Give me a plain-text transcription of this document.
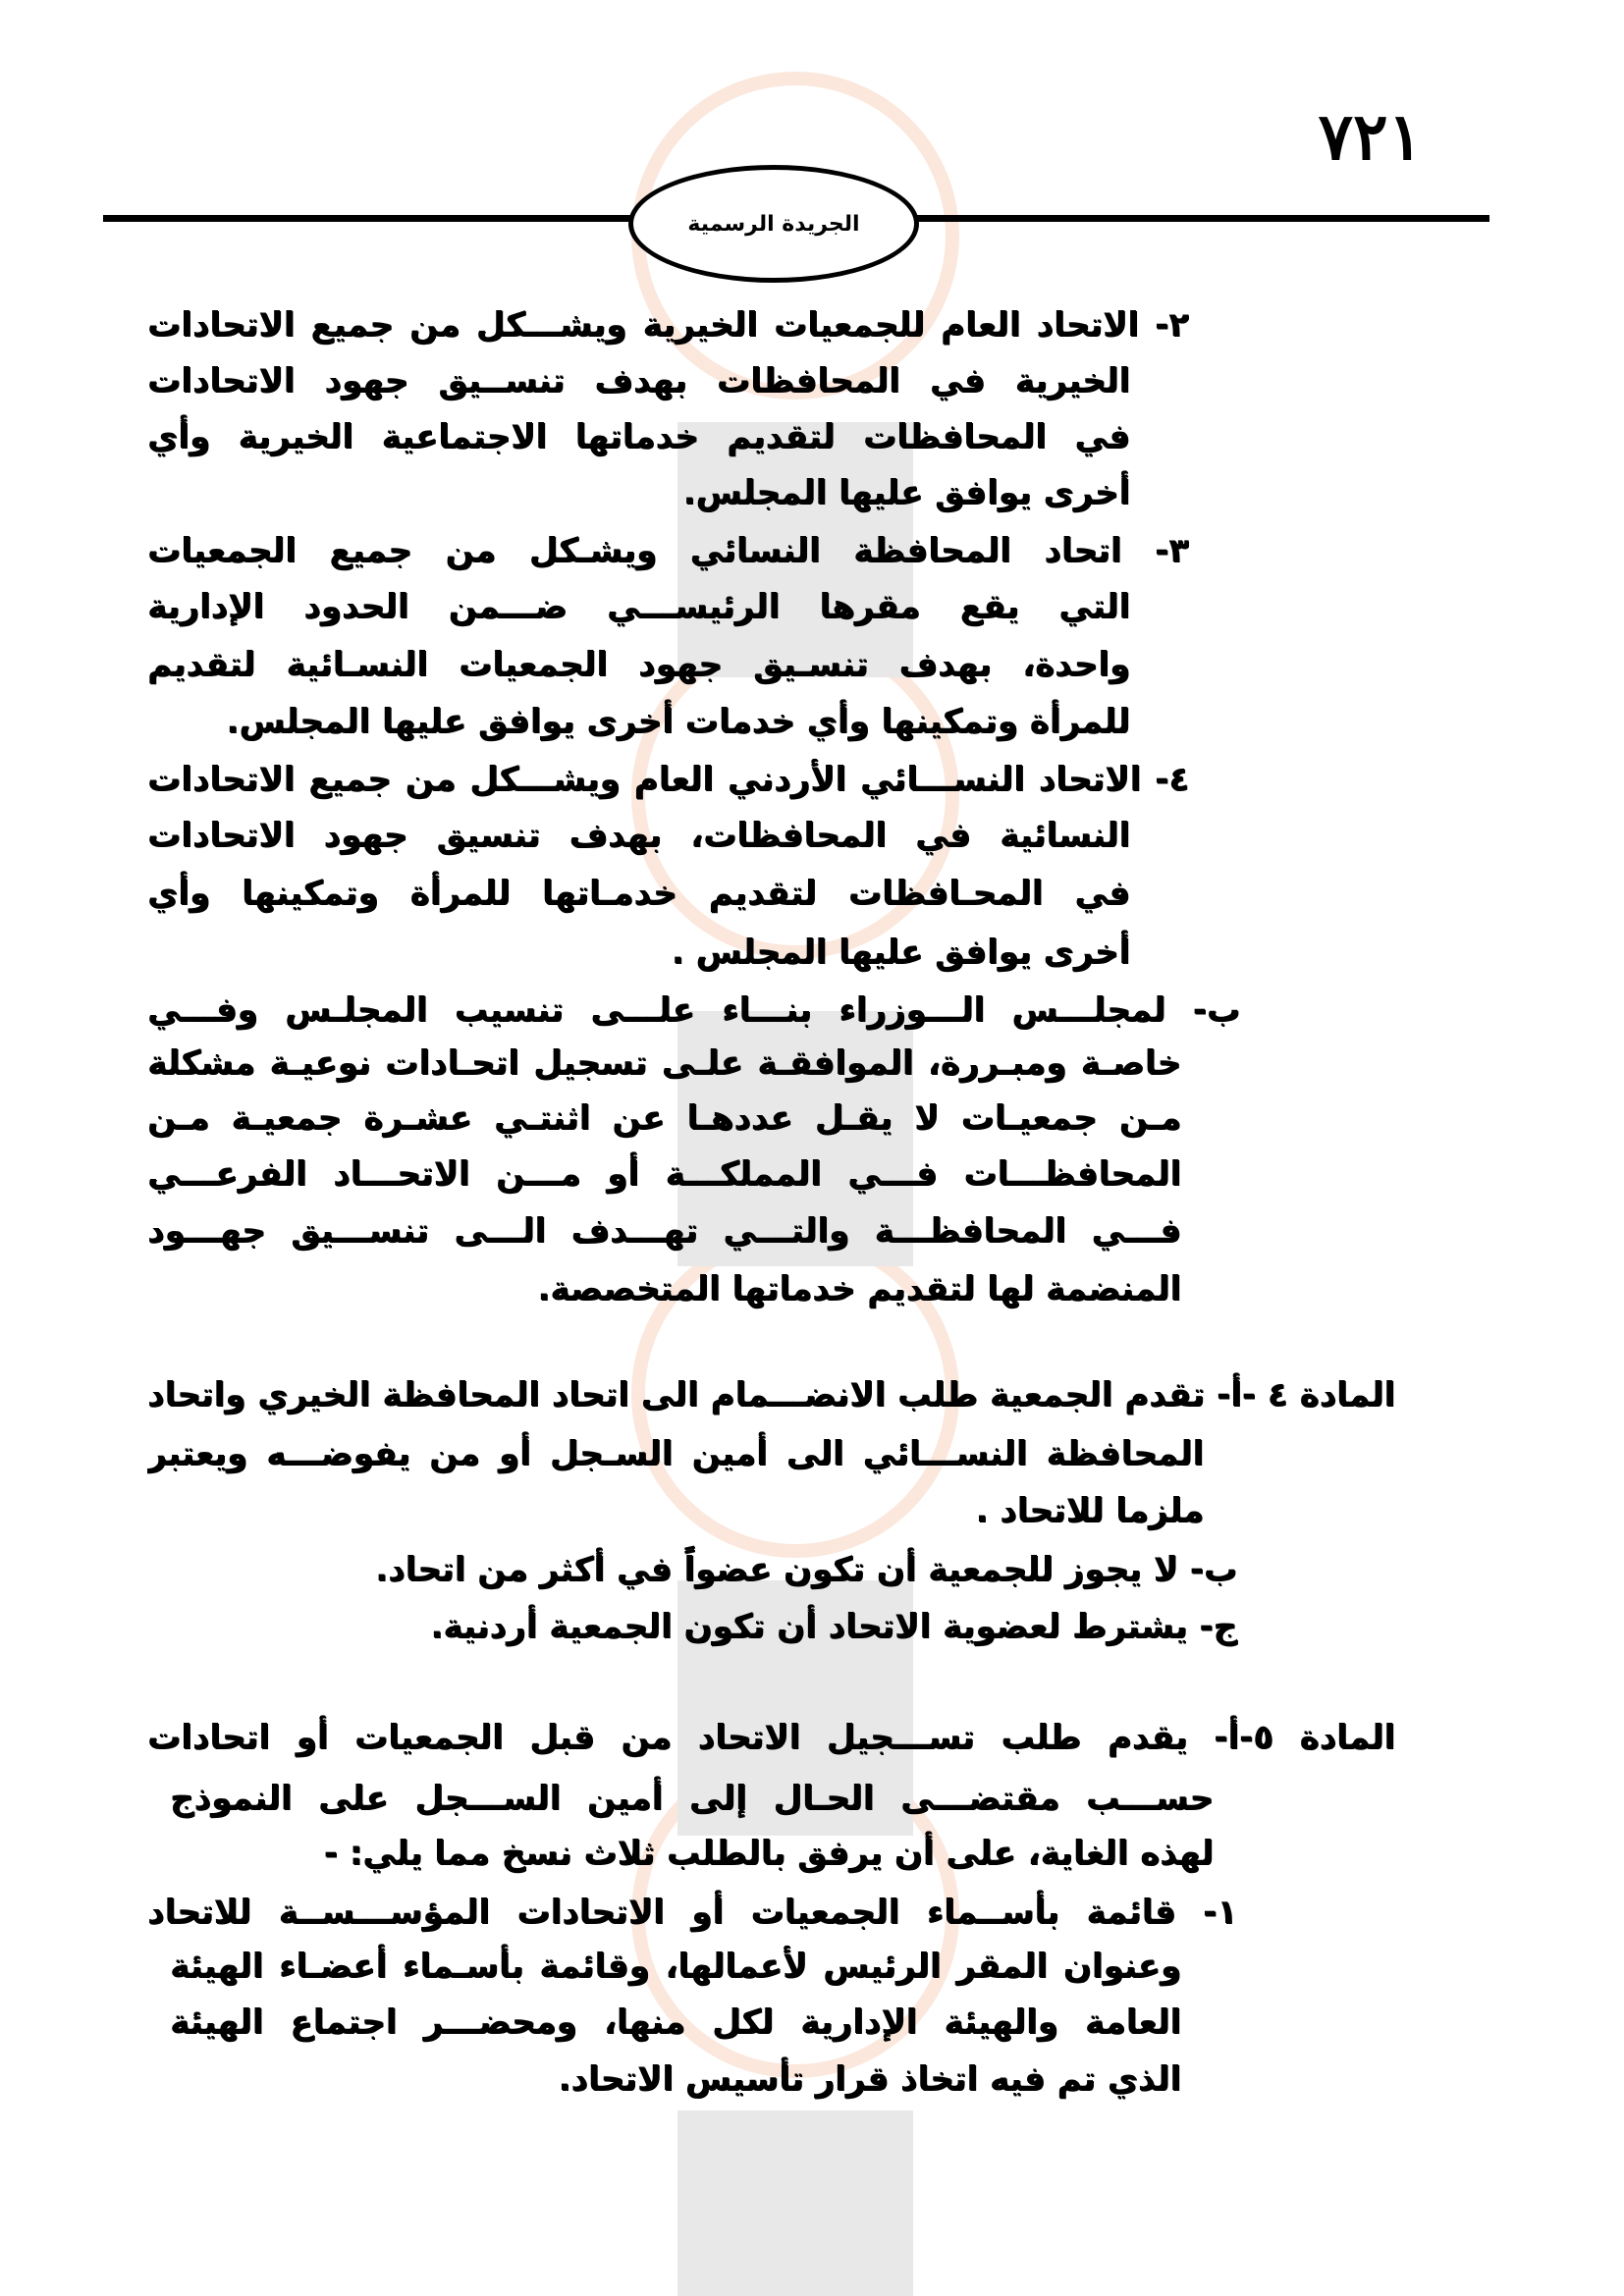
٧٢١
الجريدة الرسمية
٢- الاتحاد العام للجمعيات الخيرية ويشـــكل من جميع الاتحادات
الخيرية في المحافظات بهدف تنســيق جهود الاتحادات
في المحافظات لتقديم خدماتها الاجتماعية الخيرية وأي
أخرى يوافق عليها المجلس.
٣- اتحاد المحافظة النسائي ويشـكل من جميع الجمعيات
التي يقع مقرها الرئيســـي ضـــمن الحدود الإدارية
واحدة، بهدف تنسـيق جهود الجمعيات النسـائية لتقديم
للمرأة وتمكينها وأي خدمات أخرى يوافق عليها المجلس.
٤- الاتحاد النســـائي الأردني العام ويشـــكل من جميع الاتحادات
النسائية في المحافظات، بهدف تنسيق جهود الاتحادات
في المحـافظات لتقديم خدمـاتها للمرأة وتمكينها وأي
أخرى يوافق عليها المجلس .
ب- لمجلـــس الـــوزراء بنـــاء علـــى تنسيب المجلـس وفـــي
خاصـة ومبـررة، الموافقـة علـى تسجيل اتحـادات نوعيـة مشكلة
مـن جمعيـات لا يقـل عددهـا عن اثنتـي عشـرة جمعيـة مـن
المحافظـــات فـــي المملكـــة أو مـــن الاتحـــاد الفرعـــي
فـــي المحافظـــة والتـــي تهـــدف الـــى تنســـيق جهـــود
المنضمة لها لتقديم خدماتها المتخصصة.
المادة ٤ -أ- تقدم الجمعية طلب الانضـــمام الى اتحاد المحافظة الخيري واتحاد
المحافظة النســـائي الى أمين السـجل أو من يفوضـــه ويعتبر
ملزما للاتحاد .
ب- لا يجوز للجمعية أن تكون عضواً في أكثر من اتحاد.
ج- يشترط لعضوية الاتحاد أن تكون الجمعية أردنية.
المادة ٥-أ- يقدم طلب تســـجيل الاتحاد من قبل الجمعيات أو اتحادات
حســـب مقتضـــى الحـال إلى أمين الســـجل على النموذج
لهذه الغاية، على أن يرفق بالطلب ثلاث نسخ مما يلي: -
١- قائمة بأســماء الجمعيات أو الاتحادات المؤســـســة للاتحاد
وعنوان المقر الرئيس لأعمالها، وقائمة بأسـماء أعضـاء الهيئة
العامة والهيئة الإدارية لكل منها، ومحضـــر اجتماع الهيئة
الذي تم فيه اتخاذ قرار تأسيس الاتحاد.
